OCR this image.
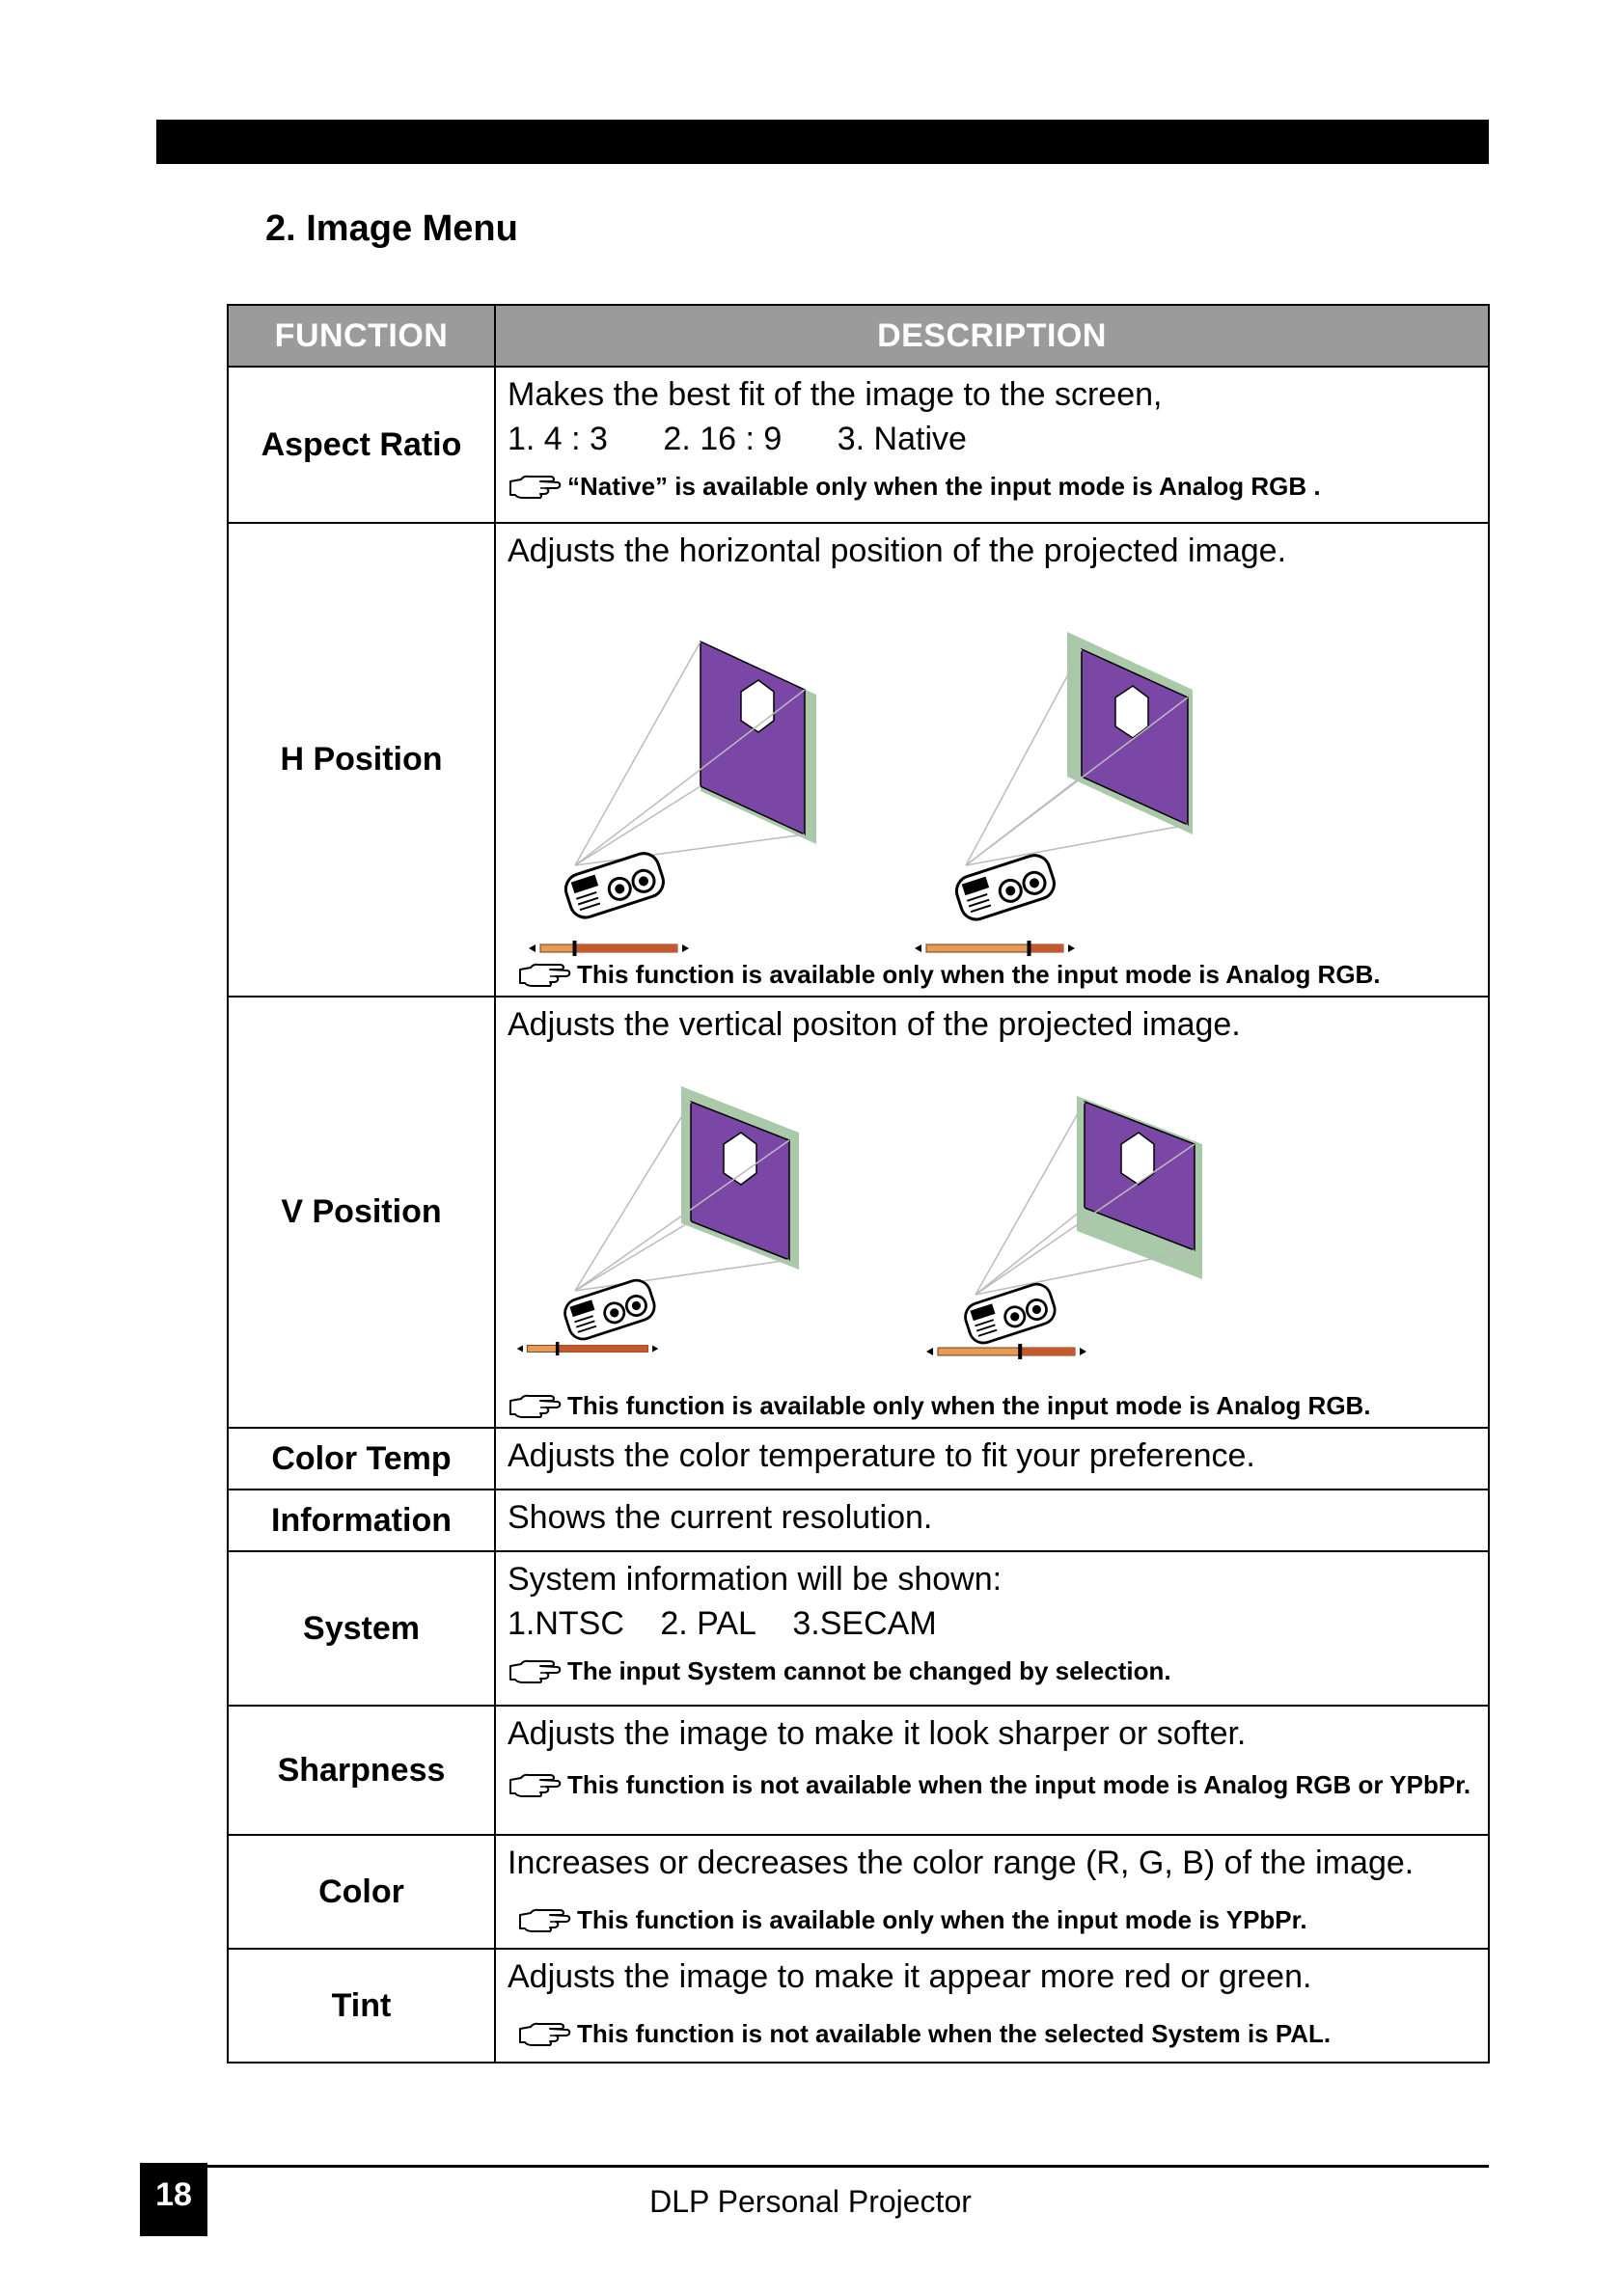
2. Image Menu
FUNCTION	DESCRIPTION
Aspect Ratio	Makes the best fit of the image to the screen,
1. 4 : 3 2. 16 : 9 3. Native
“Native” is available only when the input mode is Analog RGB .

H Position	Adjusts the horizontal position of the projected image.
This function is available only when the input mode is Analog RGB.

V Position	Adjusts the vertical positon of the projected image.
This function is available only when the input mode is Analog RGB.

Color Temp	Adjusts the color temperature to fit your preference.
Information	Shows the current resolution.
System	System information will be shown:
1.NTSC 2. PAL 3.SECAM
The input System cannot be changed by selection.

Sharpness	Adjusts the image to make it look sharper or softer.
This function is not available when the input mode is Analog RGB or YPbPr.

Color	Increases or decreases the color range (R, G, B) of the image.
This function is available only when the input mode is YPbPr.

Tint	Adjusts the image to make it appear more red or green.
This function is not available when the selected System is PAL.
18	DLP Personal Projector
